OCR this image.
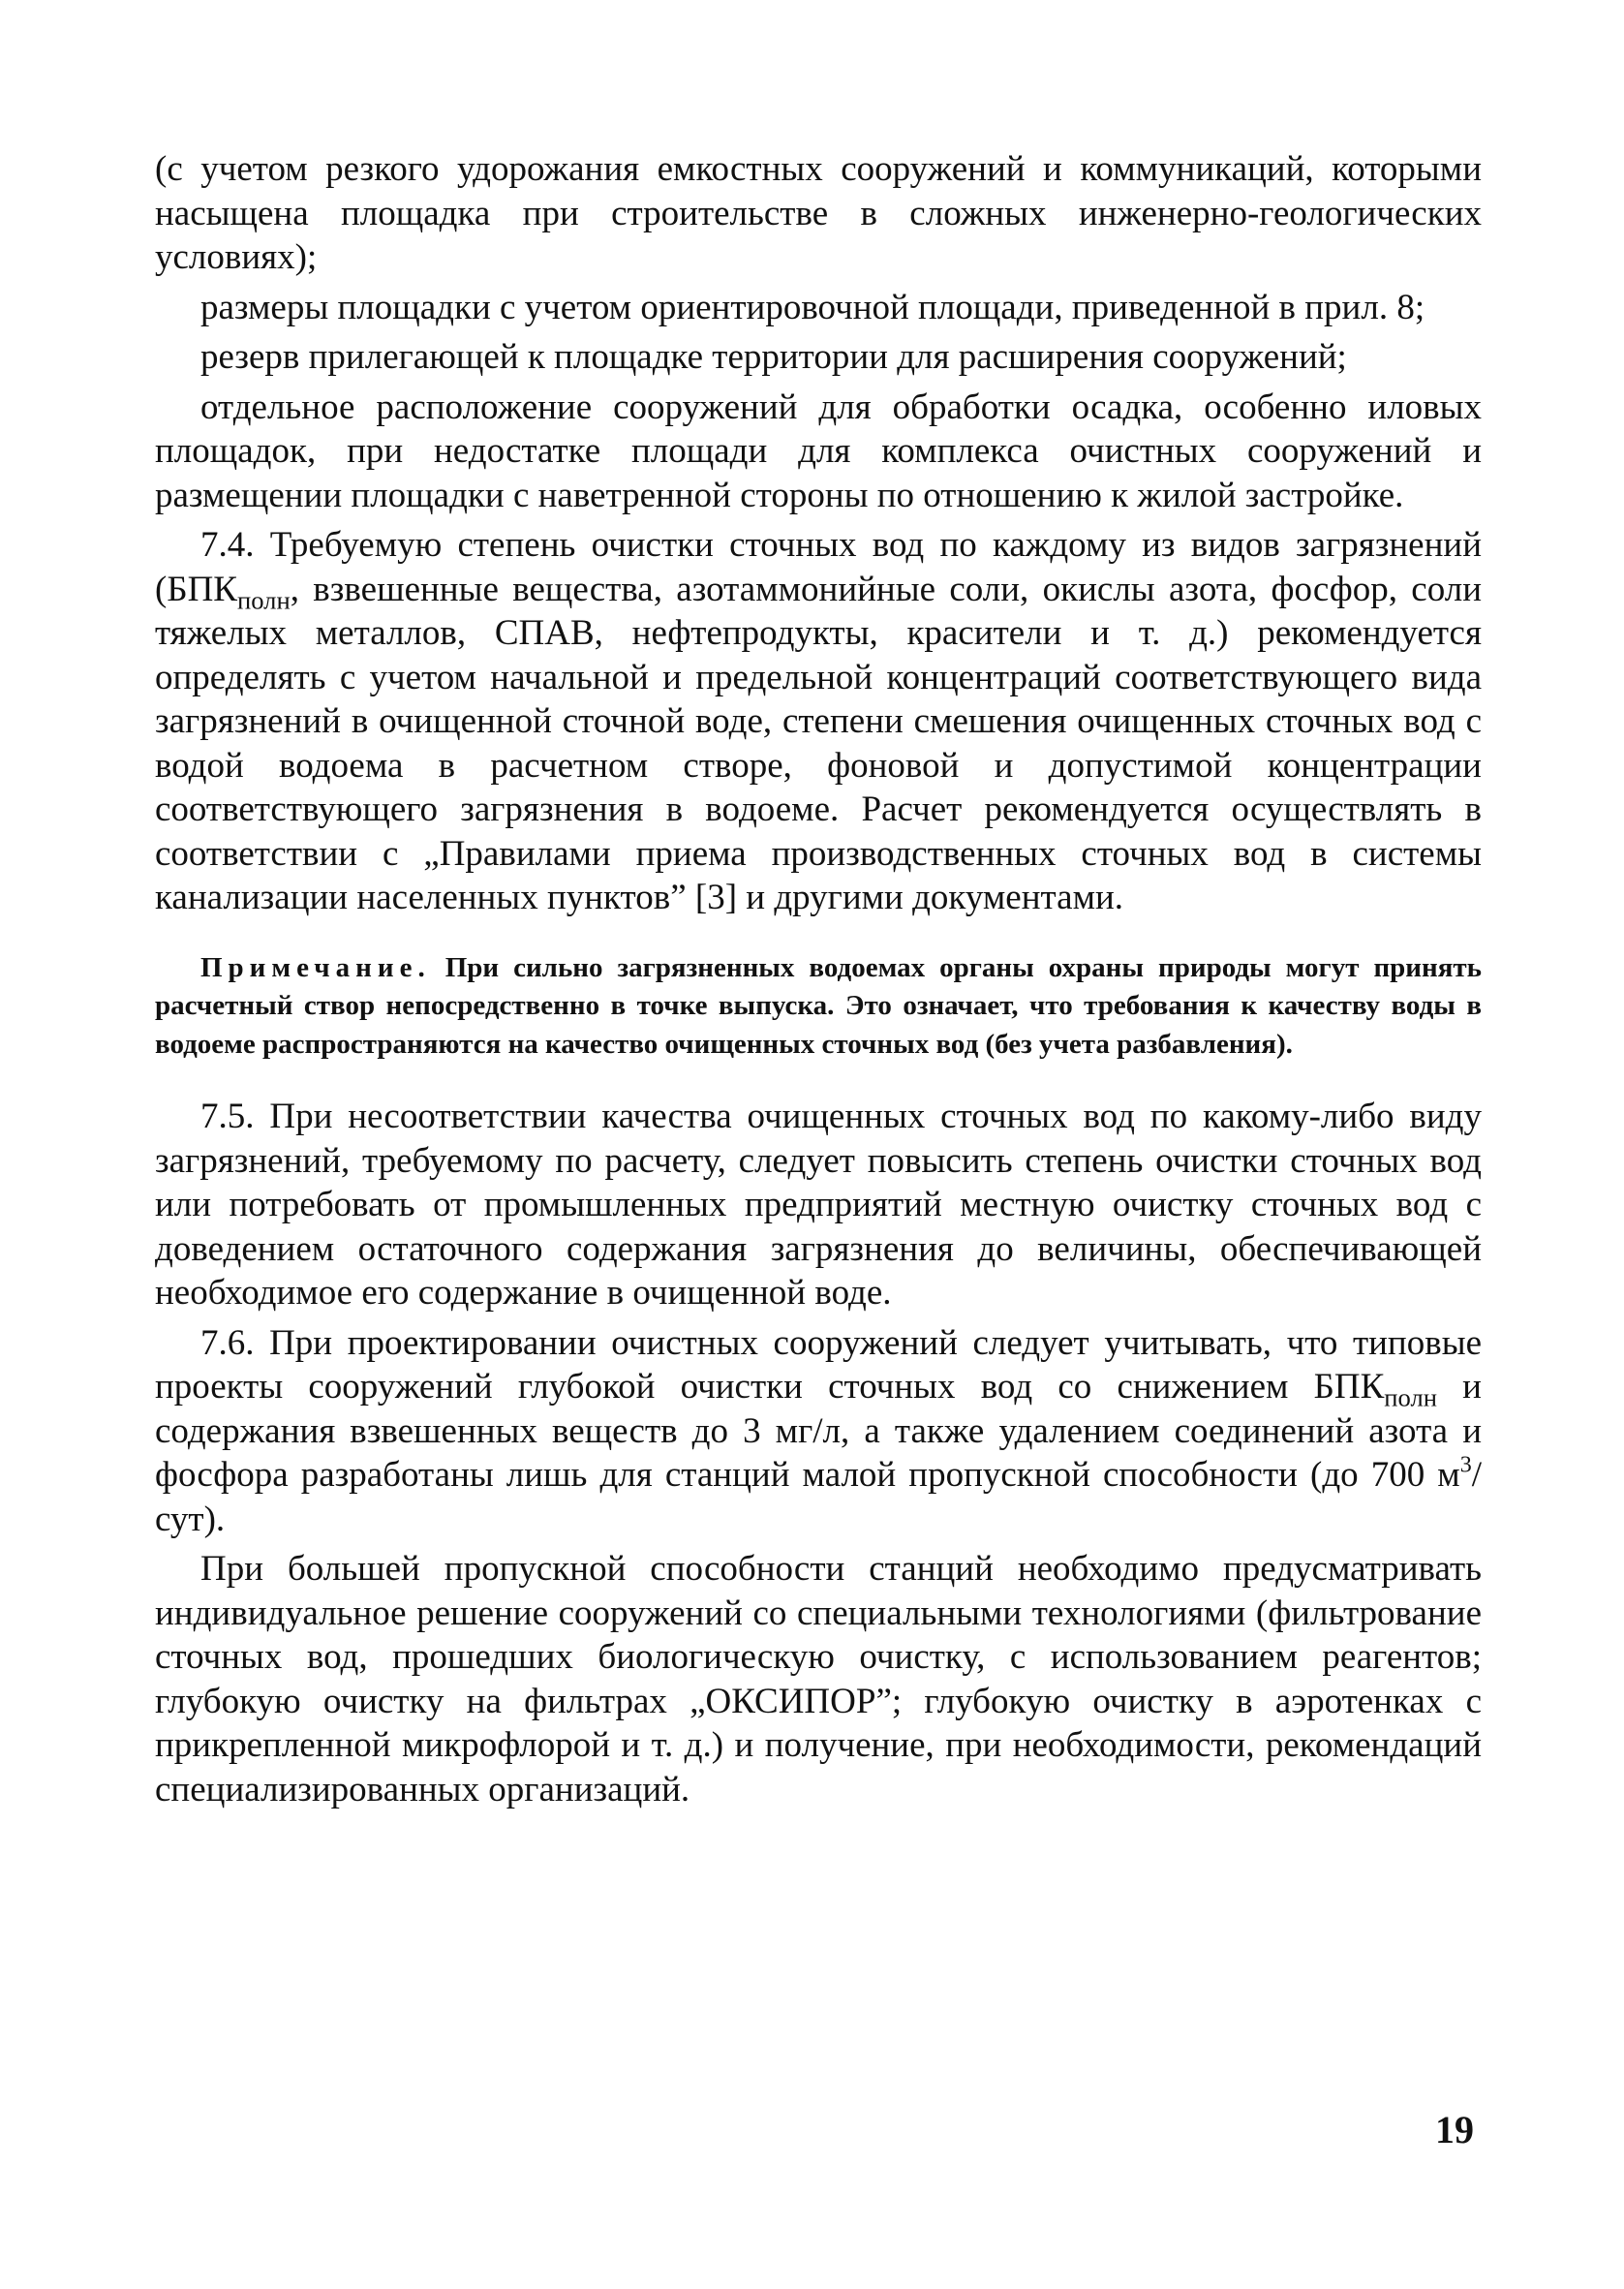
(с учетом резкого удорожания емкостных сооружений и коммуникаций, которыми насыщена площадка при строительстве в сложных инженерно-геологических условиях);

размеры площадки с учетом ориентировочной площади, приведенной в прил. 8;

резерв прилегающей к площадке территории для расширения сооружений;

отдельное расположение сооружений для обработки осадка, особенно иловых площадок, при недостатке площади для комплекса очистных сооружений и размещении площадки с наветренной стороны по отношению к жилой застройке.

7.4. Требуемую степень очистки сточных вод по каждому из видов загрязнений ($БПК_{полн}$, взвешенные вещества, азотаммонийные соли, окислы азота, фосфор, соли тяжелых металлов, СПАВ, нефтепродукты, красители и т. д.) рекомендуется определять с учетом начальной и предельной концентраций соответствующего вида загрязнений в очищенной сточной воде, степени смешения очищенных сточных вод с водой водоема в расчетном створе, фоновой и допустимой концентрации соответствующего загрязнения в водоеме. Расчет рекомендуется осуществлять в соответствии с „Правилами приема производственных сточных вод в системы канализации населенных пунктов” [3] и другими документами.

Примечание. При сильно загрязненных водоемах органы охраны природы могут принять расчетный створ непосредственно в точке выпуска. Это означает, что требования к качеству воды в водоеме распространяются на качество очищенных сточных вод (без учета разбавления).

7.5. При несоответствии качества очищенных сточных вод по какому-либо виду загрязнений, требуемому по расчету, следует повысить степень очистки сточных вод или потребовать от промышленных предприятий местную очистку сточных вод с доведением остаточного содержания загрязнения до величины, обеспечивающей необходимое его содержание в очищенной воде.

7.6. При проектировании очистных сооружений следует учитывать, что типовые проекты сооружений глубокой очистки сточных вод со снижением $БПК_{полн}$ и содержания взвешенных веществ до 3 мг/л, а также удалением соединений азота и фосфора разработаны лишь для станций малой пропускной способности (до 700 $м^3/сут$).

При большей пропускной способности станций необходимо предусматривать индивидуальное решение сооружений со специальными технологиями (фильтрование сточных вод, прошедших биологическую очистку, с использованием реагентов; глубокую очистку на фильтрах „ОКСИПОР”; глубокую очистку в аэротенках с прикрепленной микрофлорой и т. д.) и получение, при необходимости, рекомендаций специализированных организаций.

19
